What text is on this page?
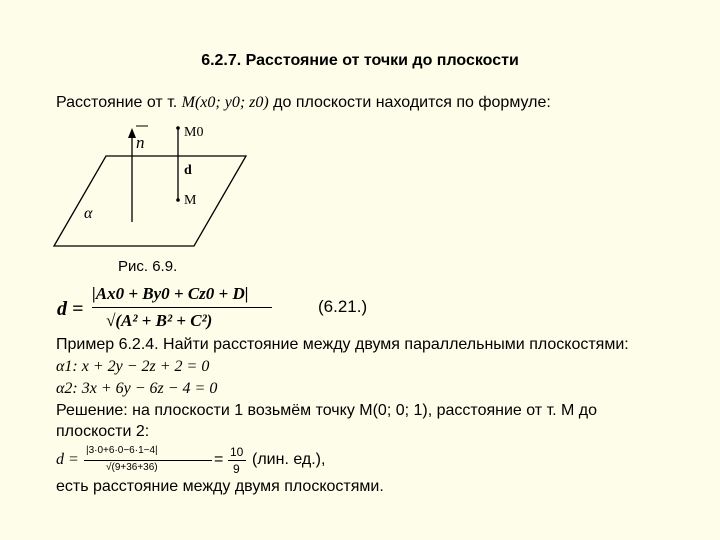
6.2.7. Расстояние от точки до плоскости
Расстояние от т. M(x0; y0; z0) до плоскости находится по формуле:
n
M0
d
M
α
Рис. 6.9.
d =
|Ax0 + By0 + Cz0 + D|
√(A² + B² + C²)
(6.21.)
Пример 6.2.4. Найти расстояние между двумя параллельными плоскостями:
α1: x + 2y − 2z + 2 = 0
α2: 3x + 6y − 6z − 4 = 0
Решение: на плоскости 1 возьмём точку M(0; 0; 1), расстояние от т. M до
плоскости 2:
d =
|3·0+6·0−6·1−4|
√(9+36+36)	= 10
9
(лин. ед.),
есть расстояние между двумя плоскостями.
